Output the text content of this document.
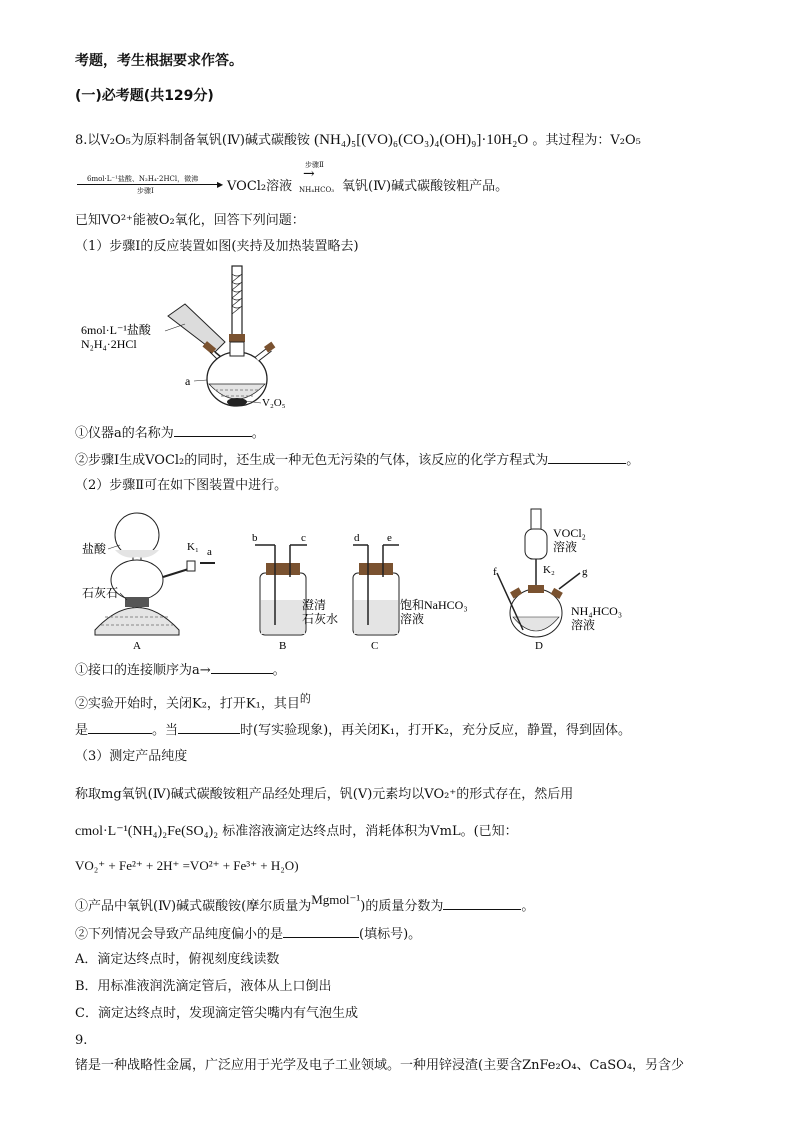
考题，考生根据要求作答。
(一)必考题(共129分)
8.以V₂O₅为原料制备氧钒(Ⅳ)碱式碳酸铵 (NH₄)₅[(VO)₆(CO₃)₄(OH)₉]·10H₂O 。其过程为：V₂O₅
6mol·L⁻¹盐酸、N₂H₄·2HCl，微沸
▶
步骤Ⅰ	VOCl₂溶液
步骤Ⅱ
→
NH₄HCO₃ 氧钒(Ⅳ)碱式碳酸铵粗产品。
已知VO²⁺能被O₂氧化，回答下列问题：
（1）步骤Ⅰ的反应装置如图(夹持及加热装置略去)
6mol·L⁻¹盐酸
N₂H₄·2HCl
a
V₂O₅
①仪器a的名称为	。
②步骤Ⅰ生成VOCl₂的同时，还生成一种无色无污染的气体，该反应的化学方程式为	。
（2）步骤Ⅱ可在如下图装置中进行。
盐酸
石灰石
K₁ a
A
b	c
澄清石灰水
B
d	e
饱和NaHCO₃ 溶液
C
f	g
K₂
VOCl₂ 溶液
NH₄HCO₃ 溶液
D
①接口的连接顺序为a→	。
②实验开始时，关闭K₂，打开K₁，其目$^的$
是	。当	时(写实验现象)，再关闭K₁，打开K₂，充分反应，静置，得到固体。
（3）测定产品纯度
称取mg氧钒(Ⅳ)碱式碳酸铵粗产品经处理后，钒(Ⅴ)元素均以VO₂⁺的形式存在，然后用
cmol·L⁻¹(NH₄)₂Fe(SO₄)₂ 标准溶液滴定达终点时，消耗体积为VmL。(已知：
VO₂⁺ + Fe²⁺ + 2H⁺ =VO²⁺ + Fe³⁺ + H₂O)
①产品中氧钒(Ⅳ)碱式碳酸铵(摩尔质量为Mgmol⁻¹)的质量分数为	。
②下列情况会导致产品纯度偏小的是	(填标号)。
A．滴定达终点时，俯视刻度线读数
B．用标准液润洗滴定管后，液体从上口倒出
C．滴定达终点时，发现滴定管尖嘴内有气泡生成
9.
锗是一种战略性金属，广泛应用于光学及电子工业领域。一种用锌浸渣(主要含ZnFe₂O₄、CaSO₄，另含少
